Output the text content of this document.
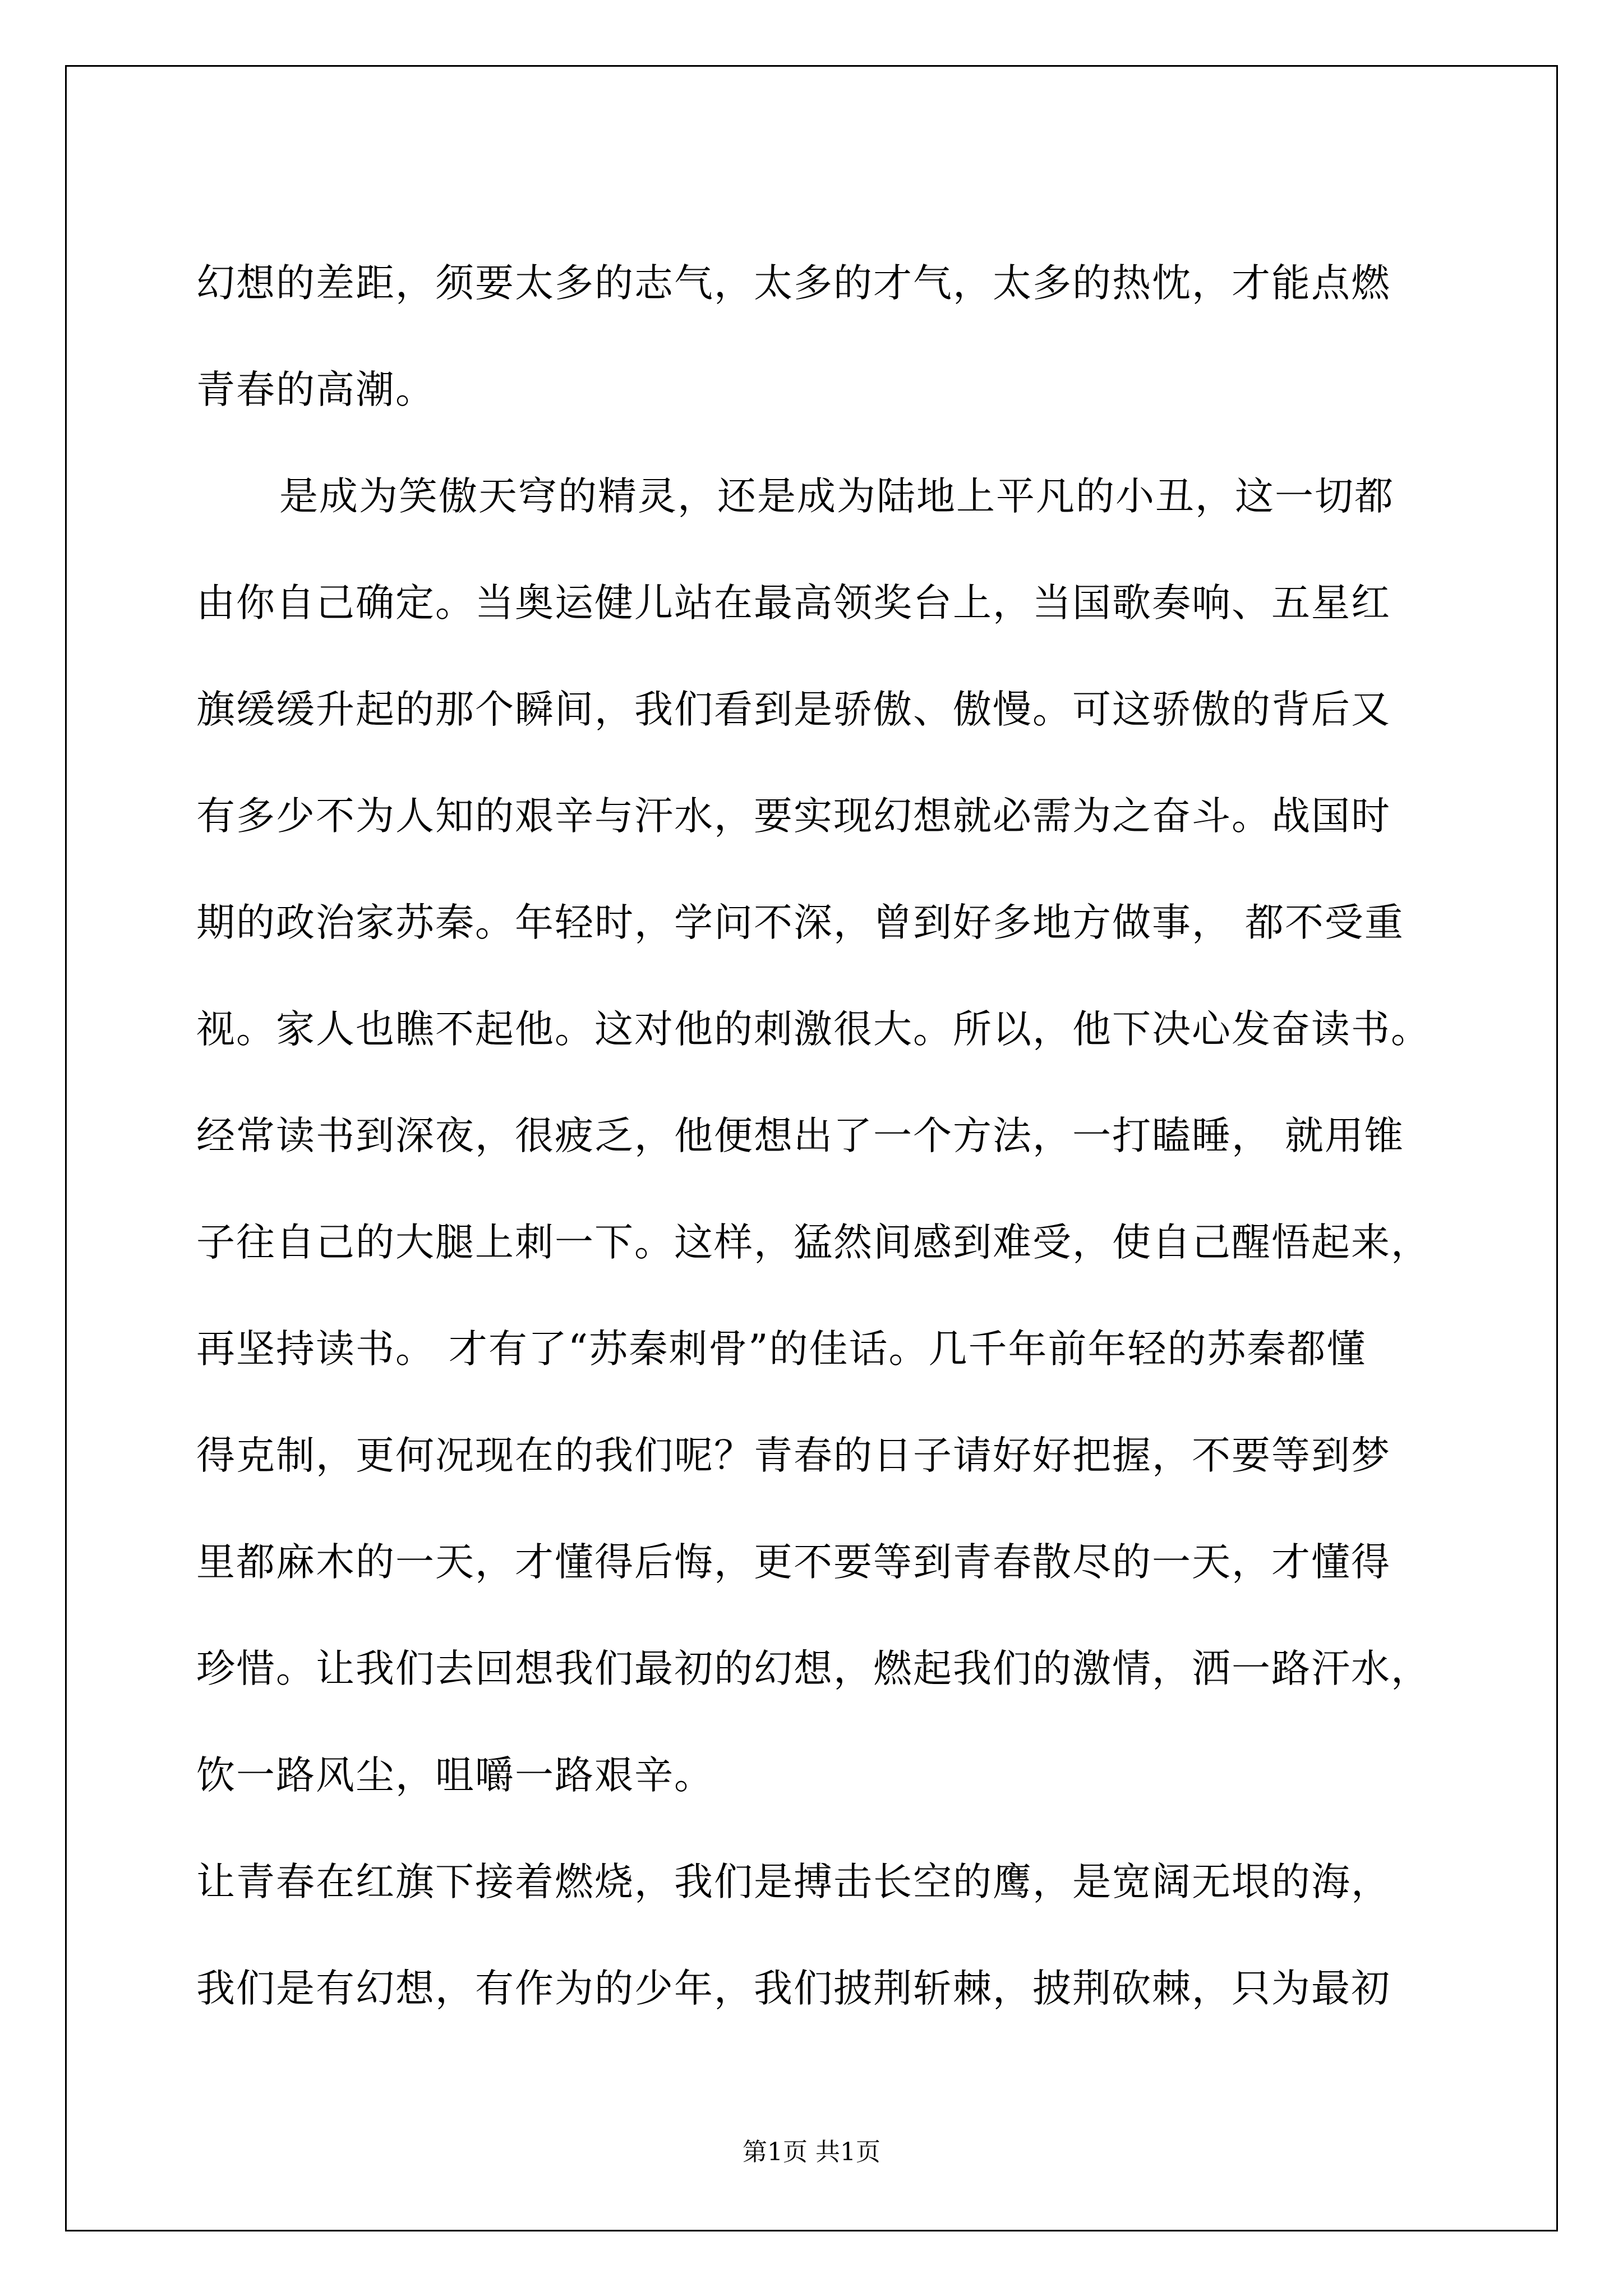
幻想的差距，须要太多的志气，太多的才气，太多的热忱，才能点燃
青春的高潮。
是成为笑傲天穹的精灵，还是成为陆地上平凡的小丑，这一切都
由你自己确定。当奥运健儿站在最高领奖台上，当国歌奏响、五星红
旗缓缓升起的那个瞬间，我们看到是骄傲、傲慢。可这骄傲的背后又
有多少不为人知的艰辛与汗水，要实现幻想就必需为之奋斗。战国时
期的政治家苏秦。年轻时，学问不深，曾到好多地方做事， 都不受重
视。家人也瞧不起他。这对他的刺激很大。所以，他下决心发奋读书。
经常读书到深夜，很疲乏，他便想出了一个方法，一打瞌睡， 就用锥
子往自己的大腿上刺一下。这样，猛然间感到难受，使自己醒悟起来，
再坚持读书。 才有了“苏秦刺骨”的佳话。几千年前年轻的苏秦都懂
得克制，更何况现在的我们呢？青春的日子请好好把握，不要等到梦
里都麻木的一天，才懂得后悔，更不要等到青春散尽的一天，才懂得
珍惜。让我们去回想我们最初的幻想，燃起我们的激情，洒一路汗水，
饮一路风尘，咀嚼一路艰辛。
让青春在红旗下接着燃烧，我们是搏击长空的鹰，是宽阔无垠的海，
我们是有幻想，有作为的少年，我们披荆斩棘，披荆砍棘，只为最初
第1页 共1页
